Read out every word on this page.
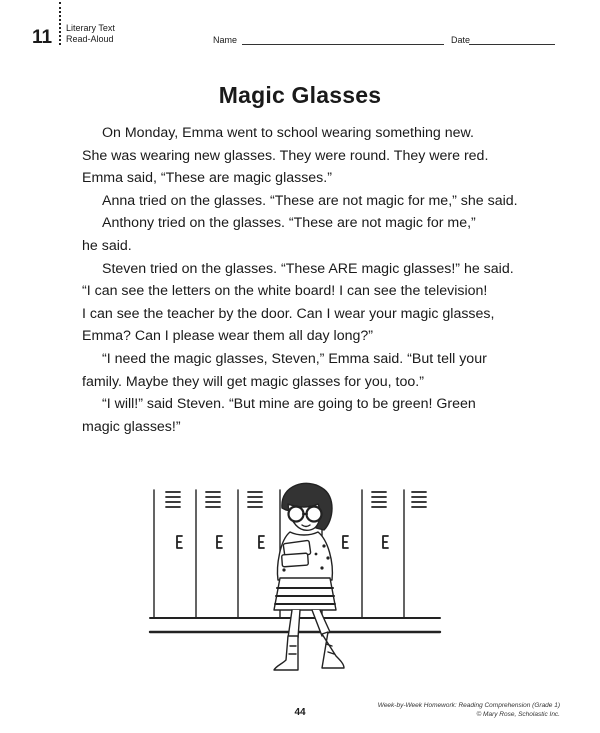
11 Literary Text
Read-Aloud	Name	Date
Magic Glasses

On Monday, Emma went to school wearing something new.

She was wearing new glasses. They were round. They were red.

Emma said, “These are magic glasses.”

Anna tried on the glasses. “These are not magic for me,” she said.

Anthony tried on the glasses. “These are not magic for me,”

he said.

Steven tried on the glasses. “These ARE magic glasses!” he said.

“I can see the letters on the white board! I can see the television!

I can see the teacher by the door. Can I wear your magic glasses,

Emma? Can I please wear them all day long?”

“I need the magic glasses, Steven,” Emma said. “But tell your

family. Maybe they will get magic glasses for you, too.”

“I will!” said Steven. “But mine are going to be green! Green

magic glasses!”

44
Week-by-Week Homework: Reading Comprehension (Grade 1)
© Mary Rose, Scholastic Inc.
